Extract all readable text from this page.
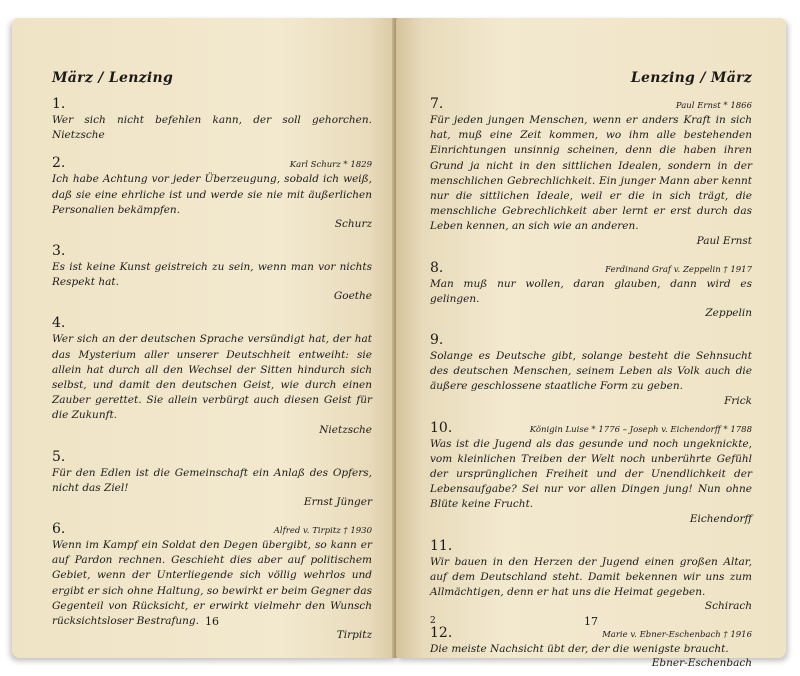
März / Lenzing
1.

Wer sich nicht befehlen kann, der soll gehorchen. Nietzsche

2.	Karl Schurz * 1829

Ich habe Achtung vor jeder Überzeugung, sobald ich weiß, daß sie eine ehrliche ist und werde sie nie mit äußerlichen Personalien bekämpfen.

Schurz
3.

Es ist keine Kunst geistreich zu sein, wenn man vor nichts Respekt hat.

Goethe
4.

Wer sich an der deutschen Sprache versündigt hat, der hat das Mysterium aller unserer Deutschheit entweiht: sie allein hat durch all den Wechsel der Sitten hindurch sich selbst, und damit den deutschen Geist, wie durch einen Zauber gerettet. Sie allein verbürgt auch diesen Geist für die Zukunft.

Nietzsche
5.

Für den Edlen ist die Gemeinschaft ein Anlaß des Opfers, nicht das Ziel!

Ernst Jünger
6.	Alfred v. Tirpitz † 1930

Wenn im Kampf ein Soldat den Degen übergibt, so kann er auf Pardon rechnen. Geschieht dies aber auf politischem Gebiet, wenn der Unterliegende sich völlig wehrlos und ergibt er sich ohne Haltung, so bewirkt er beim Gegner das Gegenteil von Rücksicht, er erwirkt vielmehr den Wunsch rücksichtsloser Bestrafung.

Tirpitz
16
Lenzing / März
7.	Paul Ernst * 1866

Für jeden jungen Menschen, wenn er anders Kraft in sich hat, muß eine Zeit kommen, wo ihm alle bestehenden Einrichtungen unsinnig scheinen, denn die haben ihren Grund ja nicht in den sittlichen Idealen, sondern in der menschlichen Gebrechlichkeit. Ein junger Mann aber kennt nur die sittlichen Ideale, weil er die in sich trägt, die menschliche Gebrechlichkeit aber lernt er erst durch das Leben kennen, an sich wie an anderen.

Paul Ernst
8.	Ferdinand Graf v. Zeppelin † 1917

Man muß nur wollen, daran glauben, dann wird es gelingen.

Zeppelin
9.

Solange es Deutsche gibt, solange besteht die Sehnsucht des deutschen Menschen, seinem Leben als Volk auch die äußere geschlossene staatliche Form zu geben.

Frick
10.	Königin Luise * 1776 – Joseph v. Eichendorff * 1788

Was ist die Jugend als das gesunde und noch ungeknickte, vom kleinlichen Treiben der Welt noch unberührte Gefühl der ursprünglichen Freiheit und der Unendlichkeit der Lebensaufgabe? Sei nur vor allen Dingen jung! Nun ohne Blüte keine Frucht.

Eichendorff
11.

Wir bauen in den Herzen der Jugend einen großen Altar, auf dem Deutschland steht. Damit bekennen wir uns zum Allmächtigen, denn er hat uns die Heimat gegeben.

Schirach
12.	Marie v. Ebner-Eschenbach † 1916

Die meiste Nachsicht übt der, der die wenigste braucht.

Ebner-Eschenbach
2	17
